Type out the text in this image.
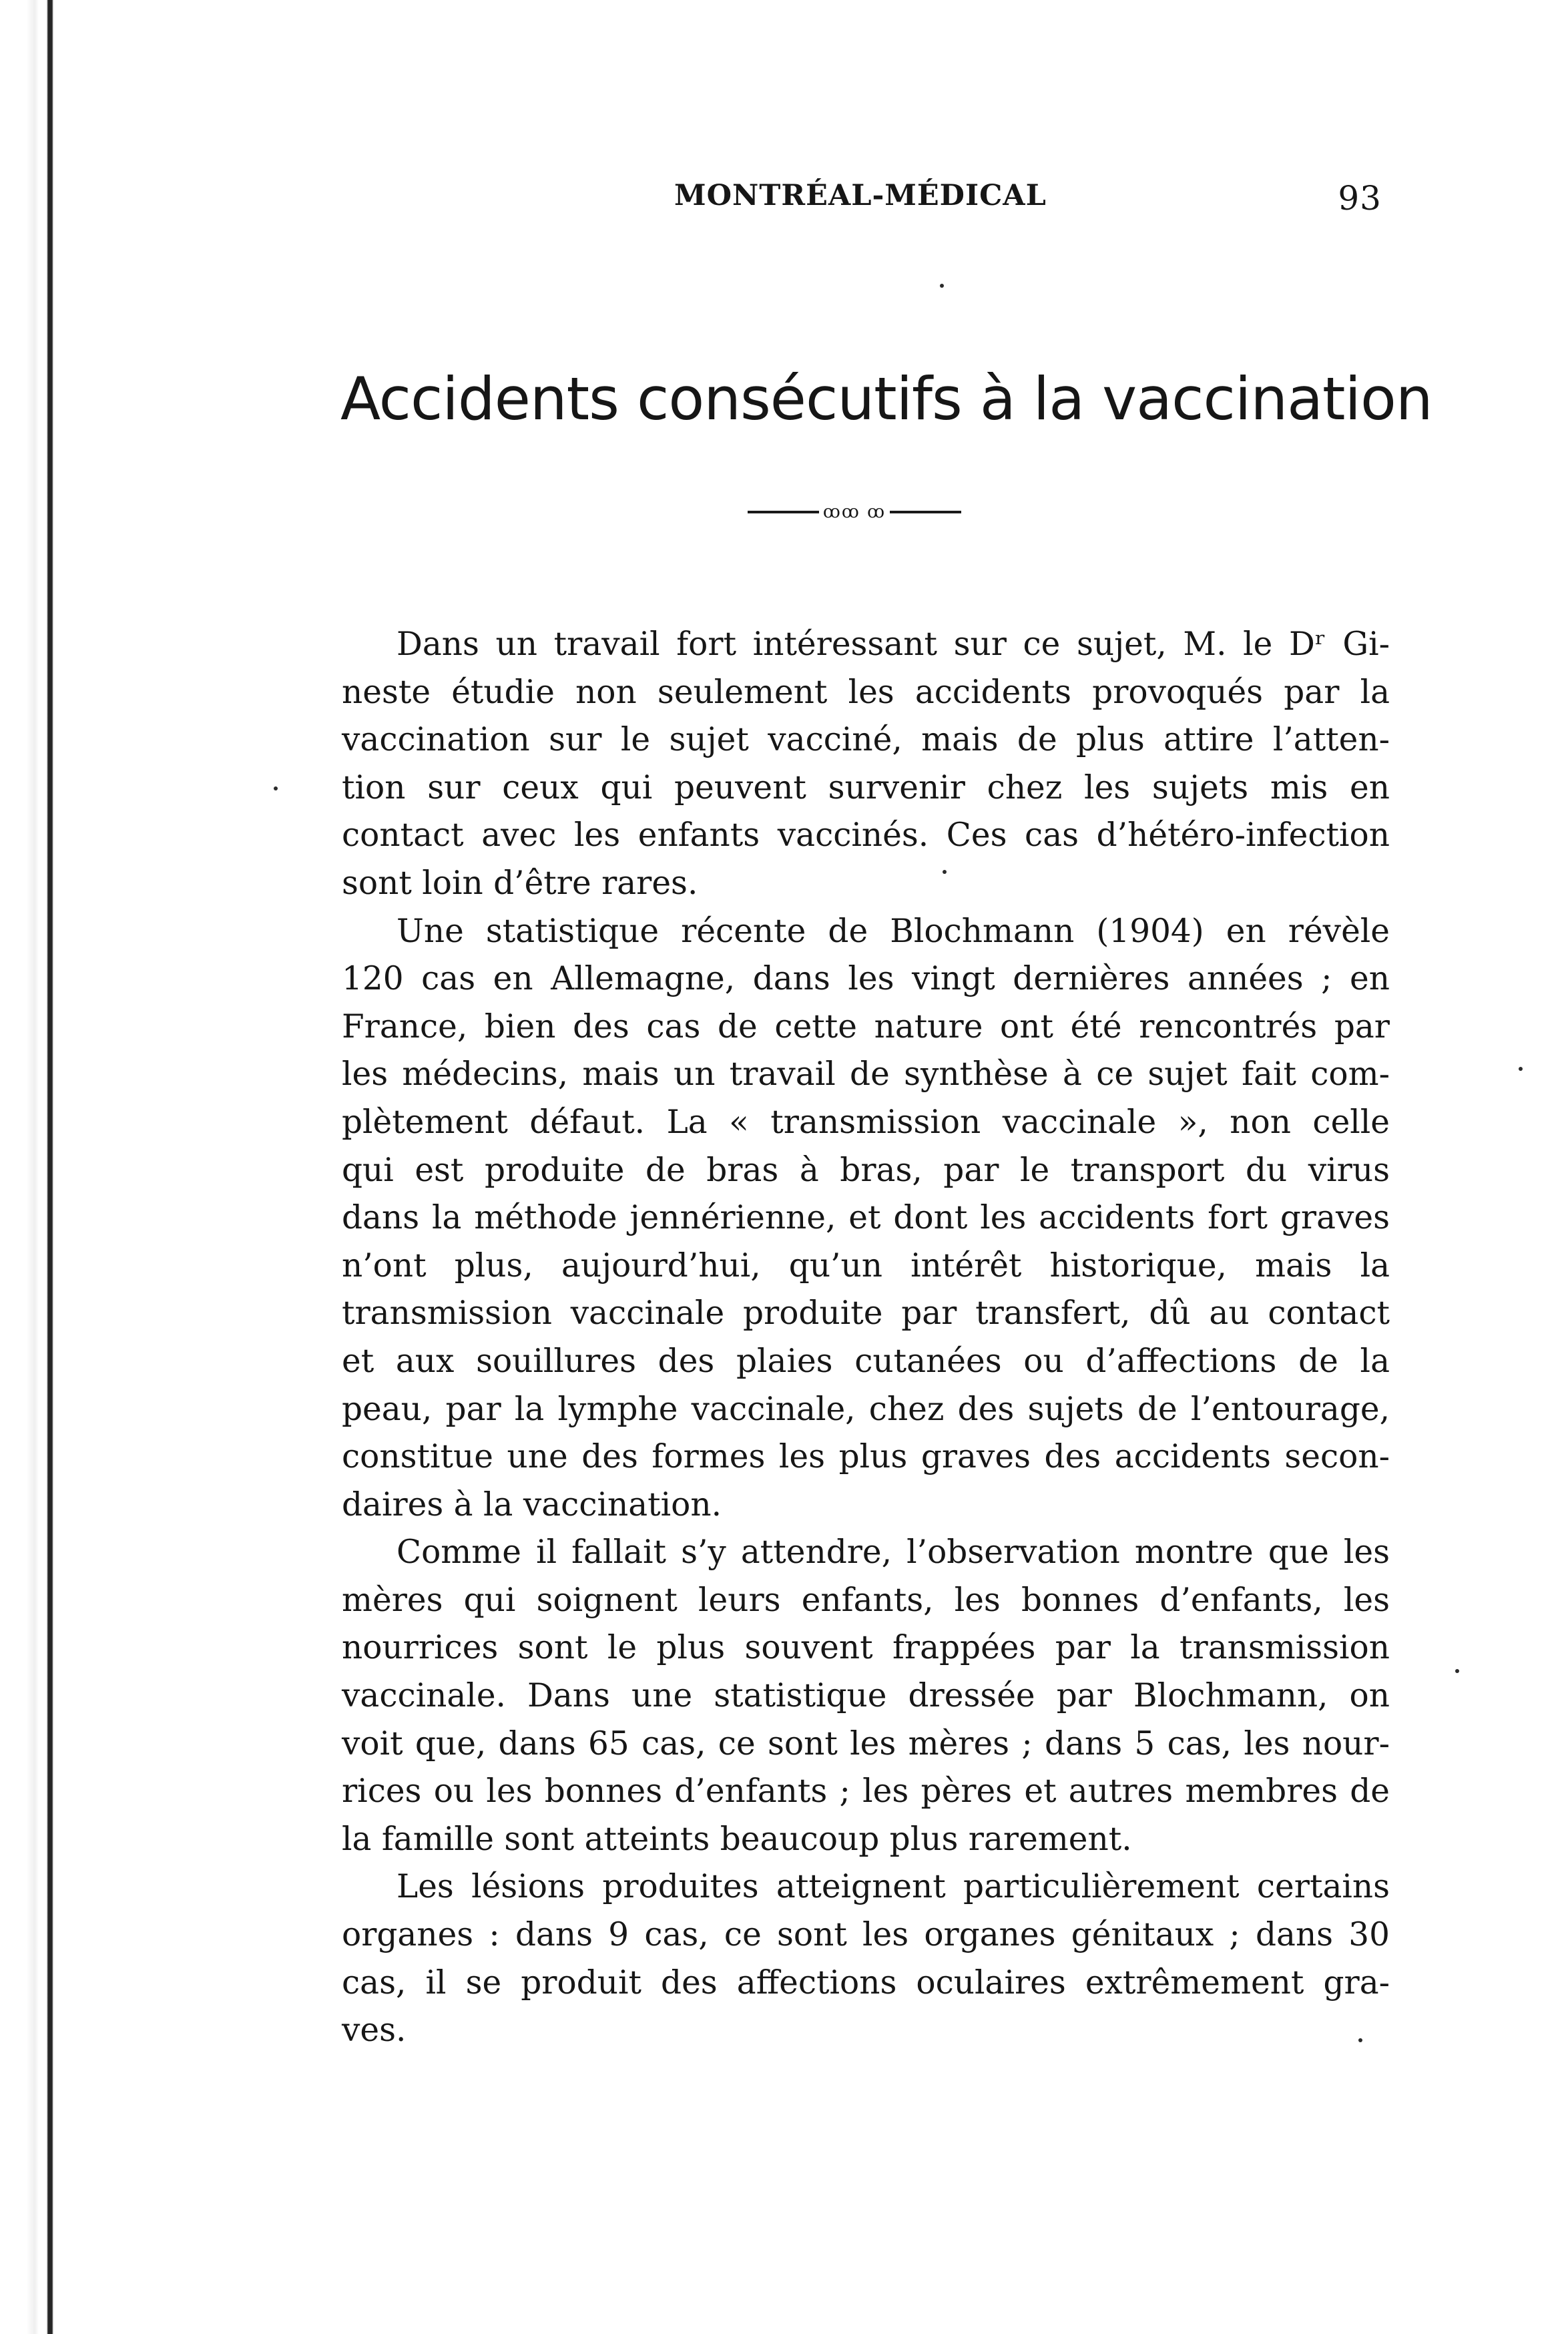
MONTRÉAL-MÉDICAL	93
Accidents consécutifs à la vaccination
ꝏꝏ ꝏ

Dans un travail fort intéressant sur ce sujet, M. le Dʳ Gi-
neste étudie non seulement les accidents provoqués par la
vaccination sur le sujet vacciné, mais de plus attire l’atten-
tion sur ceux qui peuvent survenir chez les sujets mis en
contact avec les enfants vaccinés. Ces cas d’hétéro-infection
sont loin d’être rares.

Une statistique récente de Blochmann (1904) en révèle
120 cas en Allemagne, dans les vingt dernières années ; en
France, bien des cas de cette nature ont été rencontrés par
les médecins, mais un travail de synthèse à ce sujet fait com-
plètement défaut. La « transmission vaccinale », non celle
qui est produite de bras à bras, par le transport du virus
dans la méthode jennérienne, et dont les accidents fort graves
n’ont plus, aujourd’hui, qu’un intérêt historique, mais la
transmission vaccinale produite par transfert, dû au contact
et aux souillures des plaies cutanées ou d’affections de la
peau, par la lymphe vaccinale, chez des sujets de l’entourage,
constitue une des formes les plus graves des accidents secon-
daires à la vaccination.

Comme il fallait s’y attendre, l’observation montre que les
mères qui soignent leurs enfants, les bonnes d’enfants, les
nourrices sont le plus souvent frappées par la transmission
vaccinale. Dans une statistique dressée par Blochmann, on
voit que, dans 65 cas, ce sont les mères ; dans 5 cas, les nour-
rices ou les bonnes d’enfants ; les pères et autres membres de
la famille sont atteints beaucoup plus rarement.

Les lésions produites atteignent particulièrement certains
organes : dans 9 cas, ce sont les organes génitaux ; dans 30
cas, il se produit des affections oculaires extrêmement gra-
ves.
